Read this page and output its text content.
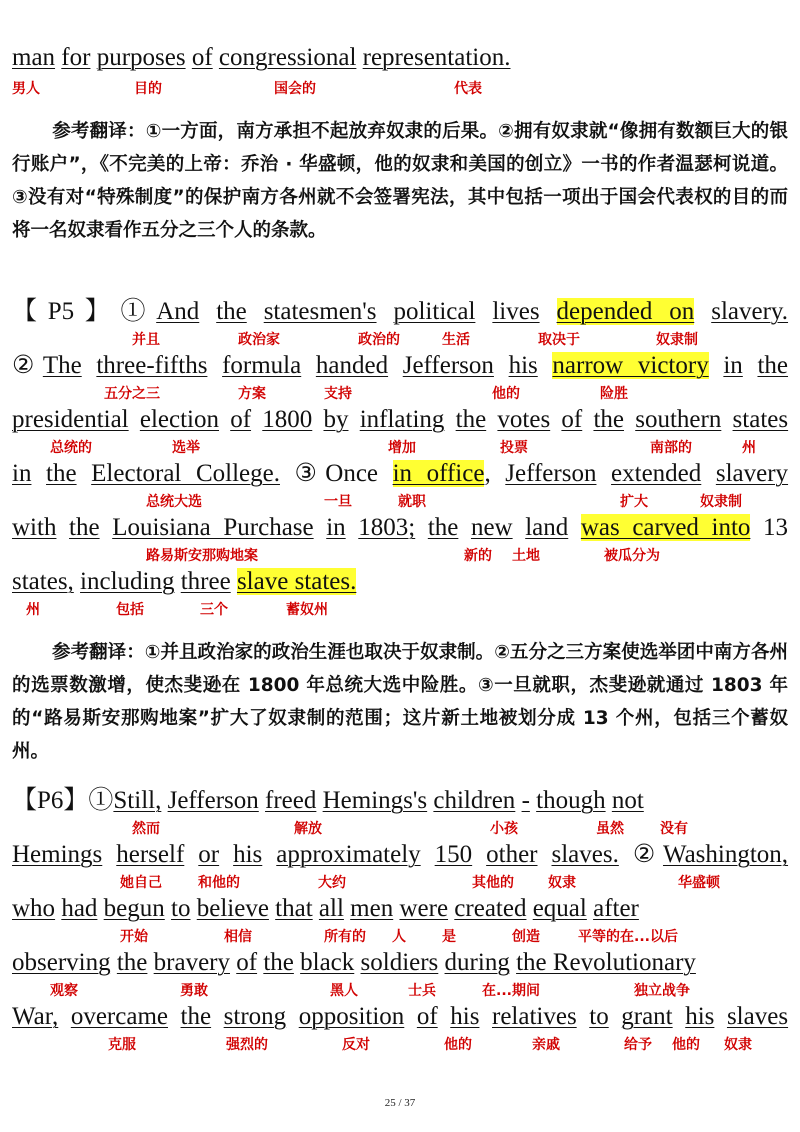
man for purposes of congressional representation.
男人	目的	国会的	代表
参考翻译：①一方面，南方承担不起放弃奴隶的后果。②拥有奴隶就“像拥有数额巨大的银行账户”，《不完美的上帝：乔治 · 华盛顿，他的奴隶和美国的创立》一书的作者温瑟柯说道。③没有对“特殊制度”的保护南方各州就不会签署宪法，其中包括一项出于国会代表权的目的而将一名奴隶看作五分之三个人的条款。
【P5】①And the statesmen's political lives depended on slavery.
并且	政治家	政治的	生活	取决于	奴隶制
②The three-fifths formula handed Jefferson his narrow victory in the
五分之三	方案	支持	他的	险胜
presidential election of 1800 by inflating the votes of the southern states
总统的	选举	增加	投票	南部的	州
in the Electoral College. ③Once in office, Jefferson extended slavery
总统大选	一旦	就职	扩大	奴隶制
with the Louisiana Purchase in 1803; the new land was carved into 13
路易斯安那购地案	新的 土地	被瓜分为
states, including three slave states.
州	包括	三个	蓄奴州
参考翻译：①并且政治家的政治生涯也取决于奴隶制。②五分之三方案使选举团中南方各州的选票数激增，使杰斐逊在 1800 年总统大选中险胜。③一旦就职，杰斐逊就通过 1803 年的“路易斯安那购地案”扩大了奴隶制的范围；这片新土地被划分成 13 个州，包括三个蓄奴州。
【P6】①Still, Jefferson freed Hemings's children - though not
然而	解放	小孩	虽然	没有
Hemings herself or his approximately 150 other slaves. ②Washington,
她自己	和他的	大约	其他的 奴隶	华盛顿
who had begun to believe that all men were created equal after
开始	相信	所有的 人	是	创造	平等的在...以后
observing the bravery of the black soldiers during the Revolutionary
观察	勇敢	黑人	士兵	在...期间	独立战争
War, overcame the strong opposition of his relatives to grant his slaves
克服	强烈的	反对	他的	亲戚	给予 他的 奴隶
25 / 37
